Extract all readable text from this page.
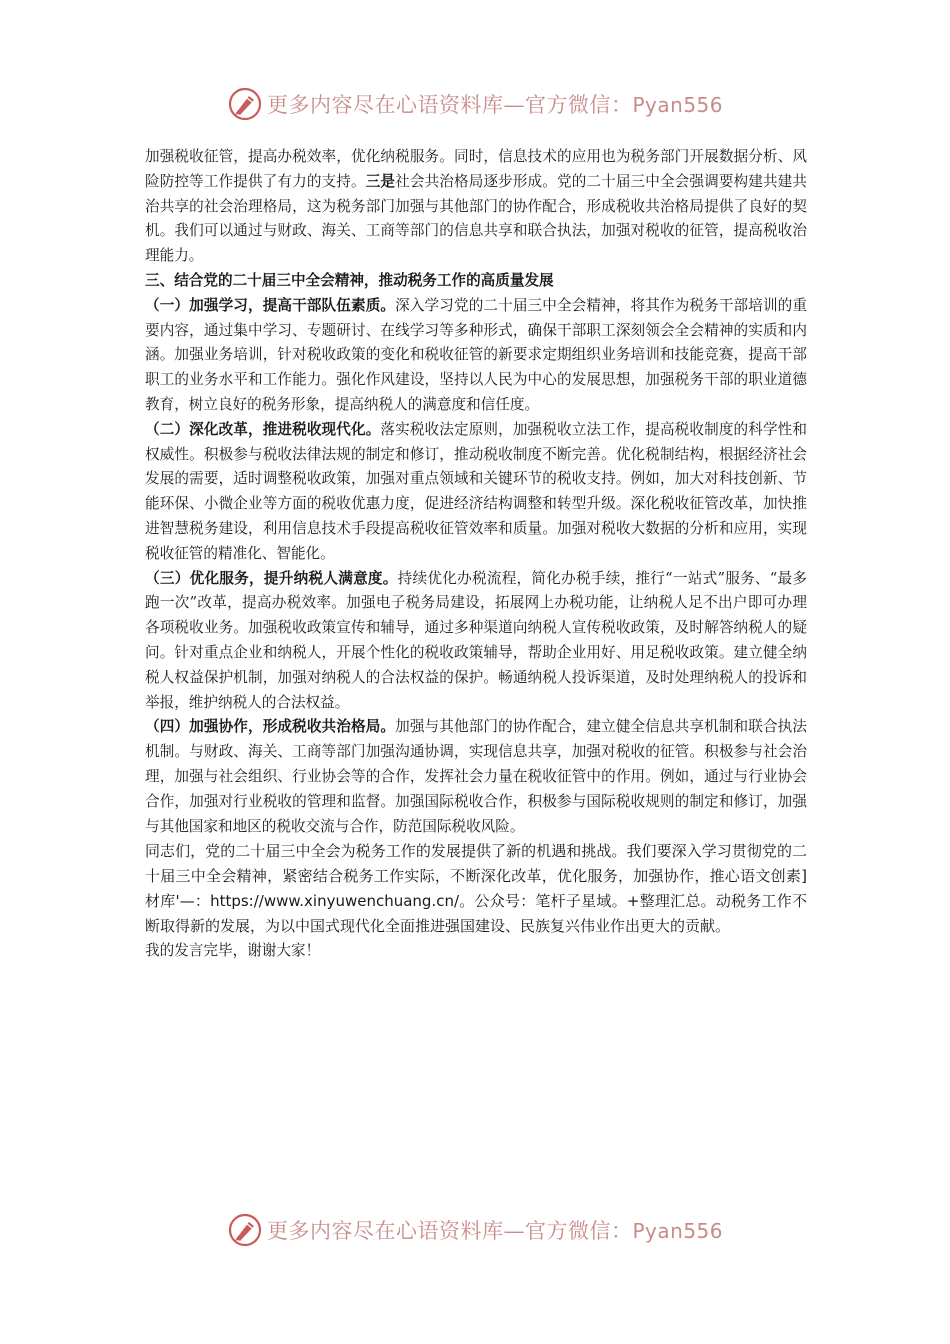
更多内容尽在心语资料库—官方微信：Pyan556

加强税收征管，提高办税效率，优化纳税服务。同时，信息技术的应用也为税务部门开展数据分析、风险防控等工作提供了有力的支持。三是社会共治格局逐步形成。党的二十届三中全会强调要构建共建共治共享的社会治理格局，这为税务部门加强与其他部门的协作配合，形成税收共治格局提供了良好的契机。我们可以通过与财政、海关、工商等部门的信息共享和联合执法，加强对税收的征管，提高税收治理能力。

三、结合党的二十届三中全会精神，推动税务工作的高质量发展

（一）加强学习，提高干部队伍素质。深入学习党的二十届三中全会精神，将其作为税务干部培训的重要内容，通过集中学习、专题研讨、在线学习等多种形式，确保干部职工深刻领会全会精神的实质和内涵。加强业务培训，针对税收政策的变化和税收征管的新要求定期组织业务培训和技能竞赛，提高干部职工的业务水平和工作能力。强化作风建设，坚持以人民为中心的发展思想，加强税务干部的职业道德教育，树立良好的税务形象，提高纳税人的满意度和信任度。

（二）深化改革，推进税收现代化。落实税收法定原则，加强税收立法工作，提高税收制度的科学性和权威性。积极参与税收法律法规的制定和修订，推动税收制度不断完善。优化税制结构，根据经济社会发展的需要，适时调整税收政策，加强对重点领域和关键环节的税收支持。例如，加大对科技创新、节能环保、小微企业等方面的税收优惠力度，促进经济结构调整和转型升级。深化税收征管改革，加快推进智慧税务建设，利用信息技术手段提高税收征管效率和质量。加强对税收大数据的分析和应用，实现税收征管的精准化、智能化。

（三）优化服务，提升纳税人满意度。持续优化办税流程，简化办税手续，推行“一站式”服务、“最多跑一次”改革，提高办税效率。加强电子税务局建设，拓展网上办税功能，让纳税人足不出户即可办理各项税收业务。加强税收政策宣传和辅导，通过多种渠道向纳税人宣传税收政策，及时解答纳税人的疑问。针对重点企业和纳税人，开展个性化的税收政策辅导，帮助企业用好、用足税收政策。建立健全纳税人权益保护机制，加强对纳税人的合法权益的保护。畅通纳税人投诉渠道，及时处理纳税人的投诉和举报，维护纳税人的合法权益。

（四）加强协作，形成税收共治格局。加强与其他部门的协作配合，建立健全信息共享机制和联合执法机制。与财政、海关、工商等部门加强沟通协调，实现信息共享，加强对税收的征管。积极参与社会治理，加强与社会组织、行业协会等的合作，发挥社会力量在税收征管中的作用。例如，通过与行业协会合作，加强对行业税收的管理和监督。加强国际税收合作，积极参与国际税收规则的制定和修订，加强与其他国家和地区的税收交流与合作，防范国际税收风险。

同志们，党的二十届三中全会为税务工作的发展提供了新的机遇和挑战。我们要深入学习贯彻党的二十届三中全会精神，紧密结合税务工作实际，不断深化改革，优化服务，加强协作，推心语文创素]材库'—：https://www.xinyuwenchuang.cn/。公众号：笔杆子星域。+整理汇总。动税务工作不断取得新的发展，为以中国式现代化全面推进强国建设、民族复兴伟业作出更大的贡献。

我的发言完毕，谢谢大家！

更多内容尽在心语资料库—官方微信：Pyan556
